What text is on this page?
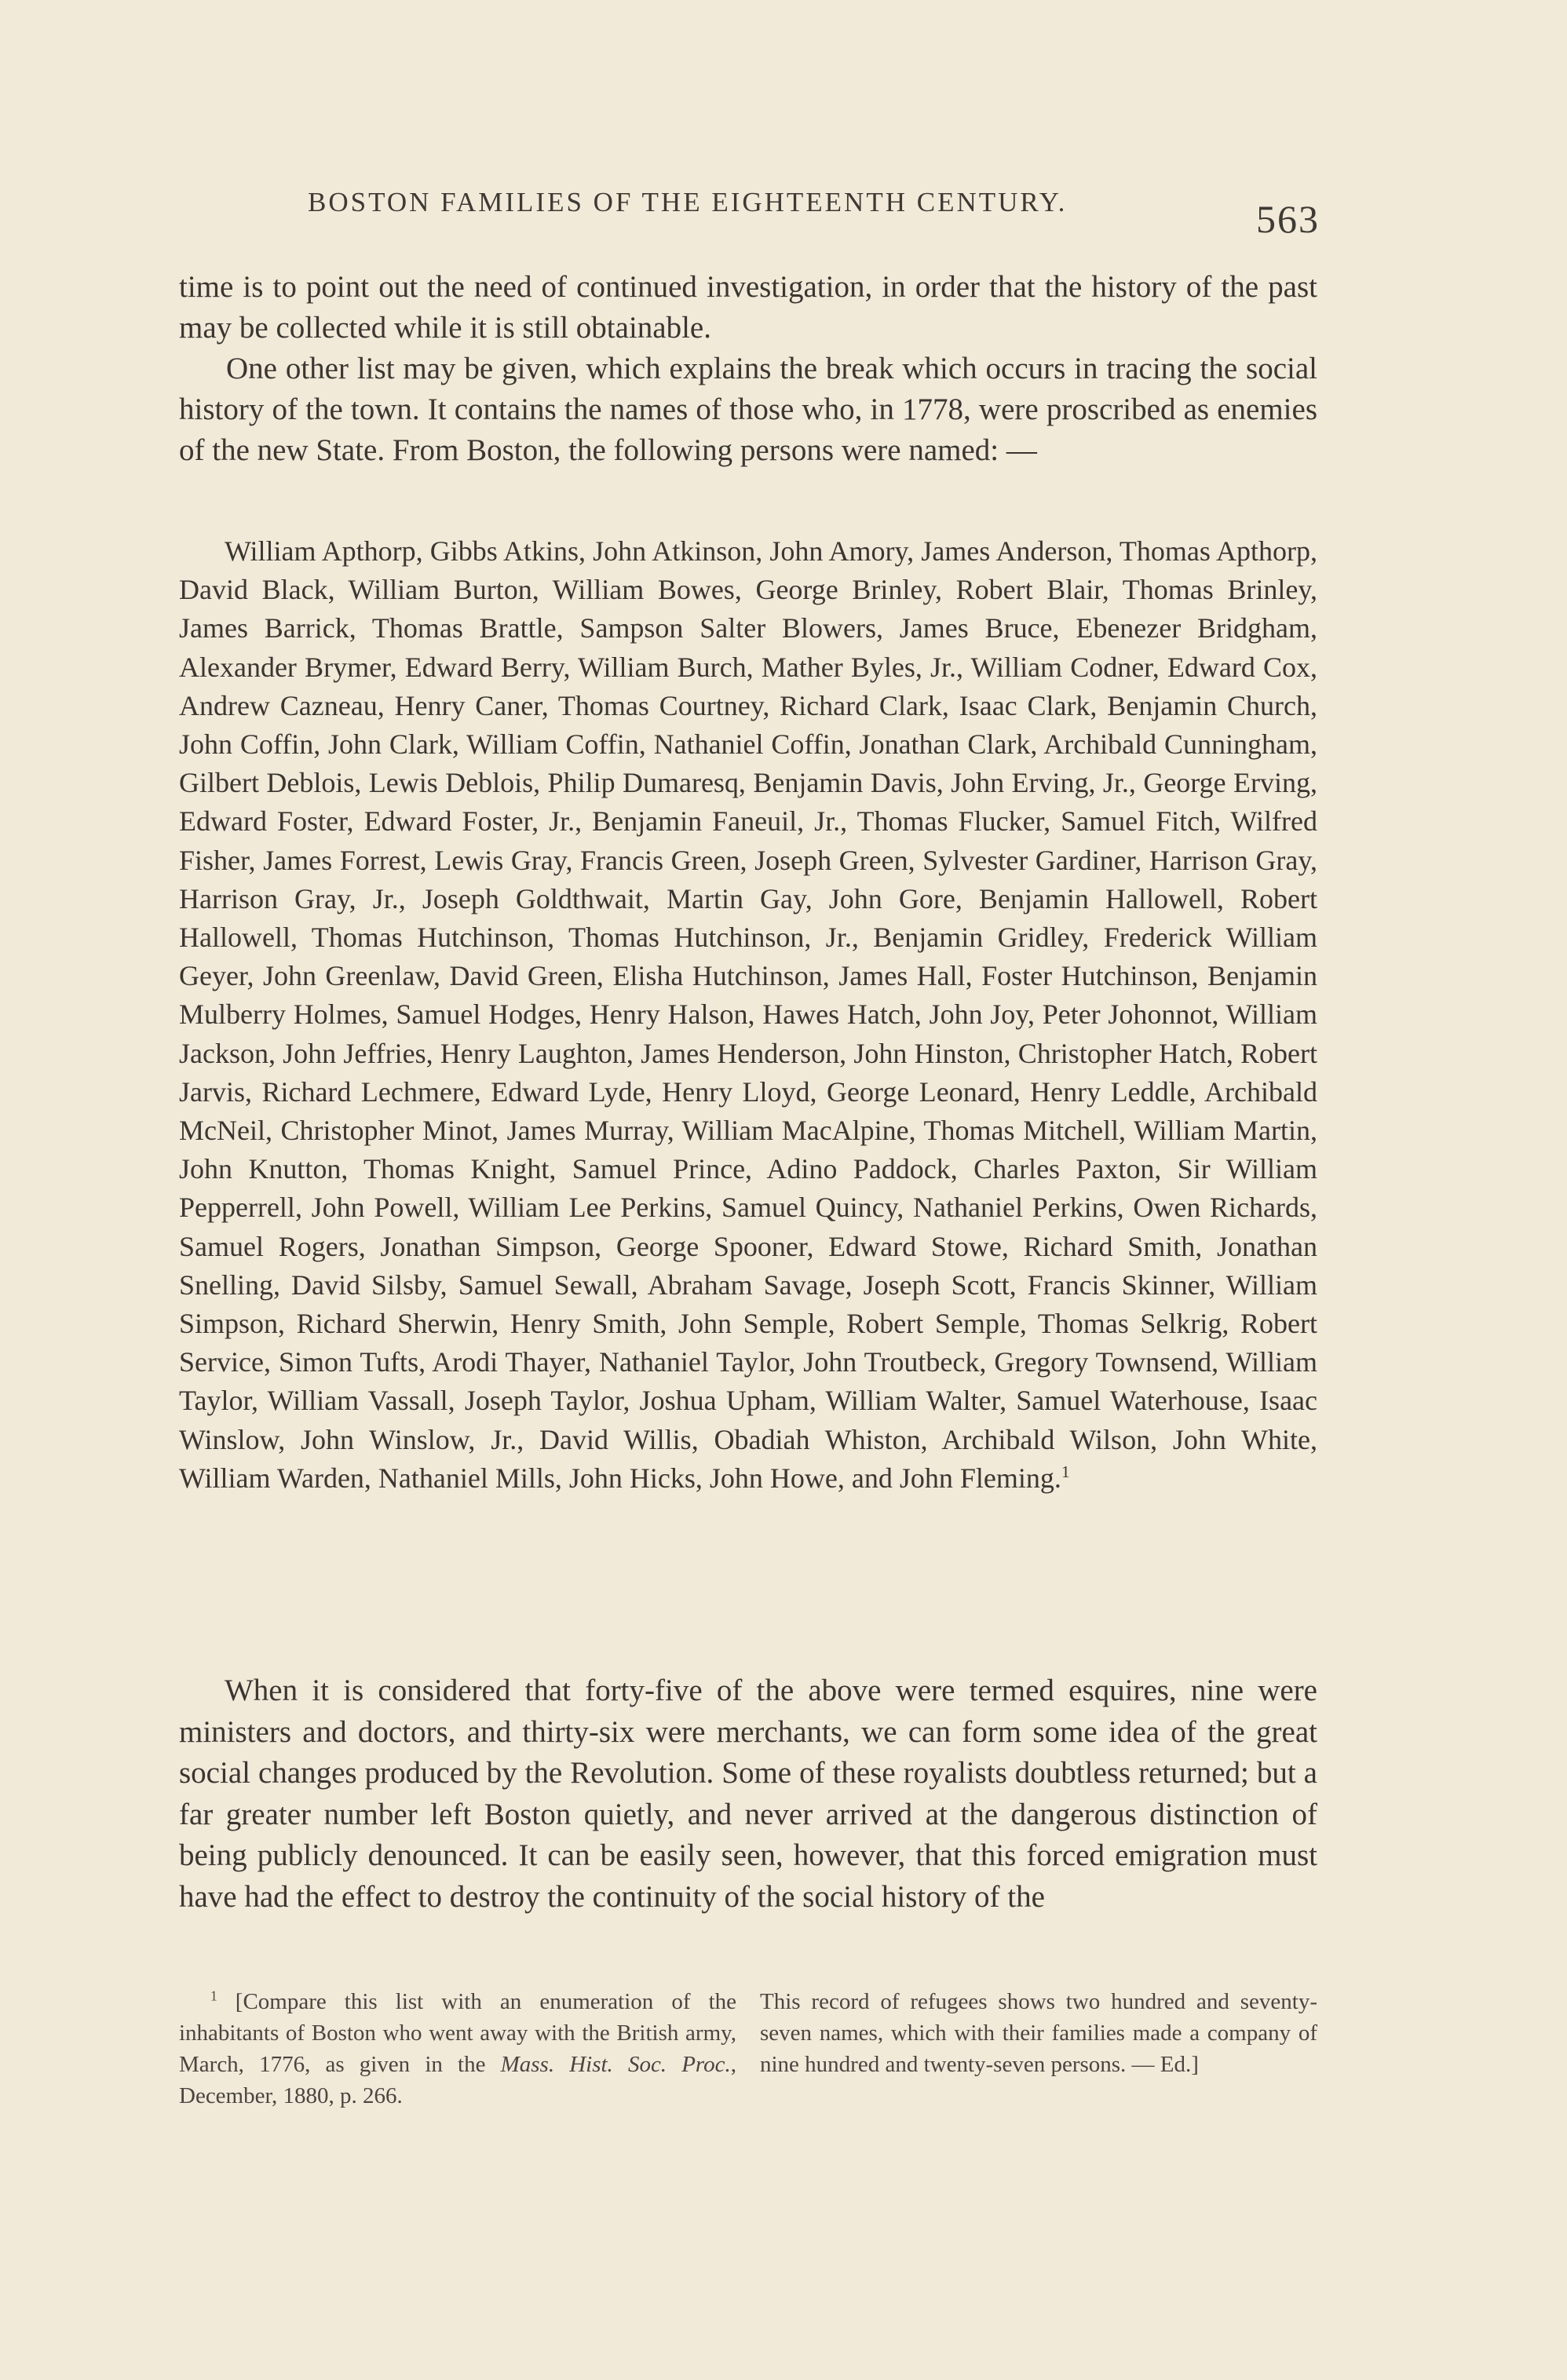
BOSTON FAMILIES OF THE EIGHTEENTH CENTURY.	563

time is to point out the need of continued investigation, in order that the history of the past may be collected while it is still obtainable.

One other list may be given, which explains the break which occurs in tracing the social history of the town. It contains the names of those who, in 1778, were proscribed as enemies of the new State. From Boston, the following persons were named: —

William Apthorp, Gibbs Atkins, John Atkinson, John Amory, James Anderson, Thomas Apthorp, David Black, William Burton, William Bowes, George Brinley, Robert Blair, Thomas Brinley, James Barrick, Thomas Brattle, Sampson Salter Blowers, James Bruce, Ebenezer Bridgham, Alexander Brymer, Edward Berry, William Burch, Mather Byles, Jr., William Codner, Edward Cox, Andrew Cazneau, Henry Caner, Thomas Courtney, Richard Clark, Isaac Clark, Benjamin Church, John Coffin, John Clark, William Coffin, Nathaniel Coffin, Jonathan Clark, Archibald Cunningham, Gilbert Deblois, Lewis Deblois, Philip Dumaresq, Benjamin Davis, John Erving, Jr., George Erving, Edward Foster, Edward Foster, Jr., Benjamin Faneuil, Jr., Thomas Flucker, Samuel Fitch, Wilfred Fisher, James Forrest, Lewis Gray, Francis Green, Joseph Green, Sylvester Gardiner, Harrison Gray, Harrison Gray, Jr., Joseph Goldthwait, Martin Gay, John Gore, Benjamin Hallowell, Robert Hallowell, Thomas Hutchinson, Thomas Hutchinson, Jr., Benjamin Gridley, Frederick William Geyer, John Greenlaw, David Green, Elisha Hutchinson, James Hall, Foster Hutchinson, Benjamin Mulberry Holmes, Samuel Hodges, Henry Halson, Hawes Hatch, John Joy, Peter Johonnot, William Jackson, John Jeffries, Henry Laughton, James Henderson, John Hinston, Christopher Hatch, Robert Jarvis, Richard Lechmere, Edward Lyde, Henry Lloyd, George Leonard, Henry Leddle, Archibald McNeil, Christopher Minot, James Murray, William MacAlpine, Thomas Mitchell, William Martin, John Knutton, Thomas Knight, Samuel Prince, Adino Paddock, Charles Paxton, Sir William Pepperrell, John Powell, William Lee Perkins, Samuel Quincy, Nathaniel Perkins, Owen Richards, Samuel Rogers, Jonathan Simpson, George Spooner, Edward Stowe, Richard Smith, Jonathan Snelling, David Silsby, Samuel Sewall, Abraham Savage, Joseph Scott, Francis Skinner, William Simpson, Richard Sherwin, Henry Smith, John Semple, Robert Semple, Thomas Selkrig, Robert Service, Simon Tufts, Arodi Thayer, Nathaniel Taylor, John Troutbeck, Gregory Townsend, William Taylor, William Vassall, Joseph Taylor, Joshua Upham, William Walter, Samuel Waterhouse, Isaac Winslow, John Winslow, Jr., David Willis, Obadiah Whiston, Archibald Wilson, John White, William Warden, Nathaniel Mills, John Hicks, John Howe, and John Fleming.$^1$

When it is considered that forty-five of the above were termed esquires, nine were ministers and doctors, and thirty-six were merchants, we can form some idea of the great social changes produced by the Revolution. Some of these royalists doubtless returned; but a far greater number left Boston quietly, and never arrived at the dangerous distinction of being publicly denounced. It can be easily seen, however, that this forced emigration must have had the effect to destroy the continuity of the social history of the

$^1$ [Compare this list with an enumeration of the inhabitants of Boston who went away with the British army, March, 1776, as given in the Mass. Hist. Soc. Proc., December, 1880, p. 266.

This record of refugees shows two hundred and seventy-seven names, which with their families made a company of nine hundred and twenty-seven persons. — Ed.]
